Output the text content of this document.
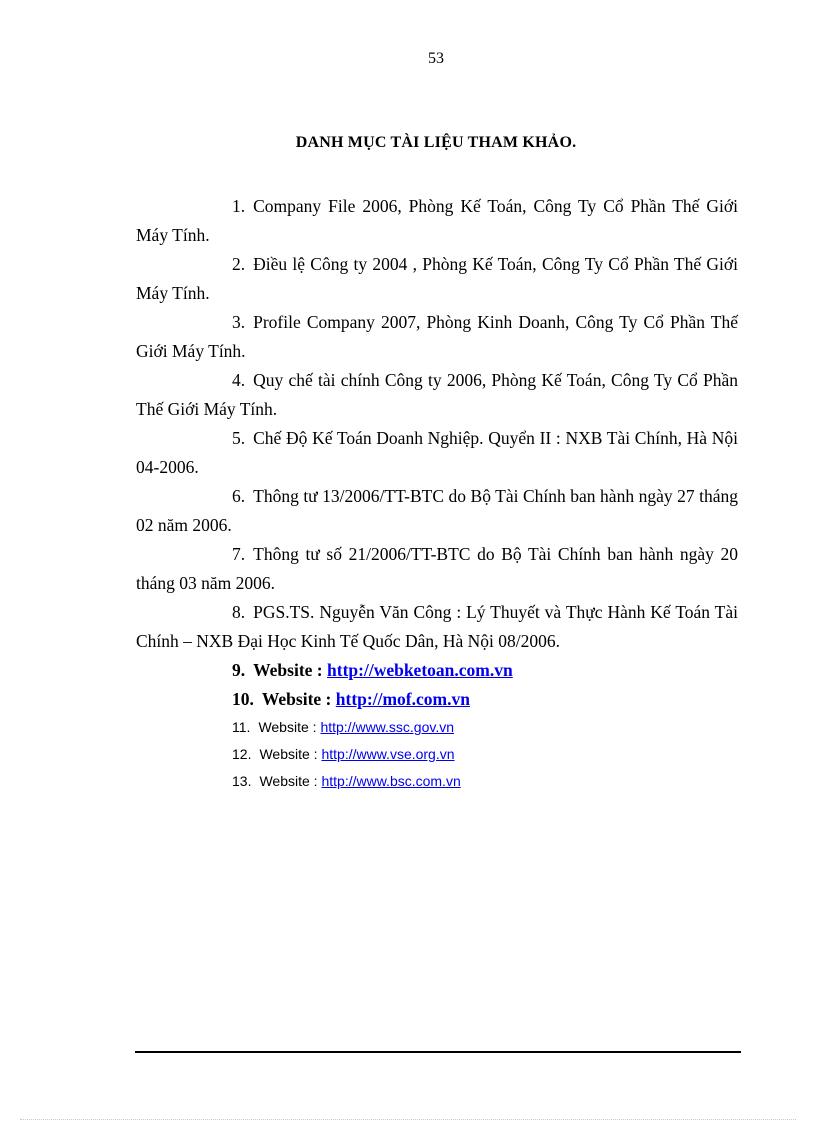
53
DANH MỤC TÀI LIỆU THAM KHẢO.

1. Company File 2006, Phòng Kế Toán, Công Ty Cổ Phần Thế Giới Máy Tính.

2. Điều lệ Công ty 2004 , Phòng Kế Toán, Công Ty Cổ Phần Thế Giới Máy Tính.

3. Profile Company 2007, Phòng Kinh Doanh, Công Ty Cổ Phần Thế Giới Máy Tính.

4. Quy chế tài chính Công ty 2006, Phòng Kế Toán, Công Ty Cổ Phần Thế Giới Máy Tính.

5. Chế Độ Kế Toán Doanh Nghiệp. Quyển II : NXB Tài Chính, Hà Nội 04-2006.

6. Thông tư 13/2006/TT-BTC do Bộ Tài Chính ban hành ngày 27 tháng 02 năm 2006.

7. Thông tư số 21/2006/TT-BTC do Bộ Tài Chính ban hành ngày 20 tháng 03 năm 2006.

8. PGS.TS. Nguyễn Văn Công : Lý Thuyết và Thực Hành Kế Toán Tài Chính – NXB Đại Học Kinh Tế Quốc Dân, Hà Nội 08/2006.

9. Website : http://webketoan.com.vn

10. Website : http://mof.com.vn

11. Website : http://www.ssc.gov.vn

12. Website : http://www.vse.org.vn

13. Website : http://www.bsc.com.vn
